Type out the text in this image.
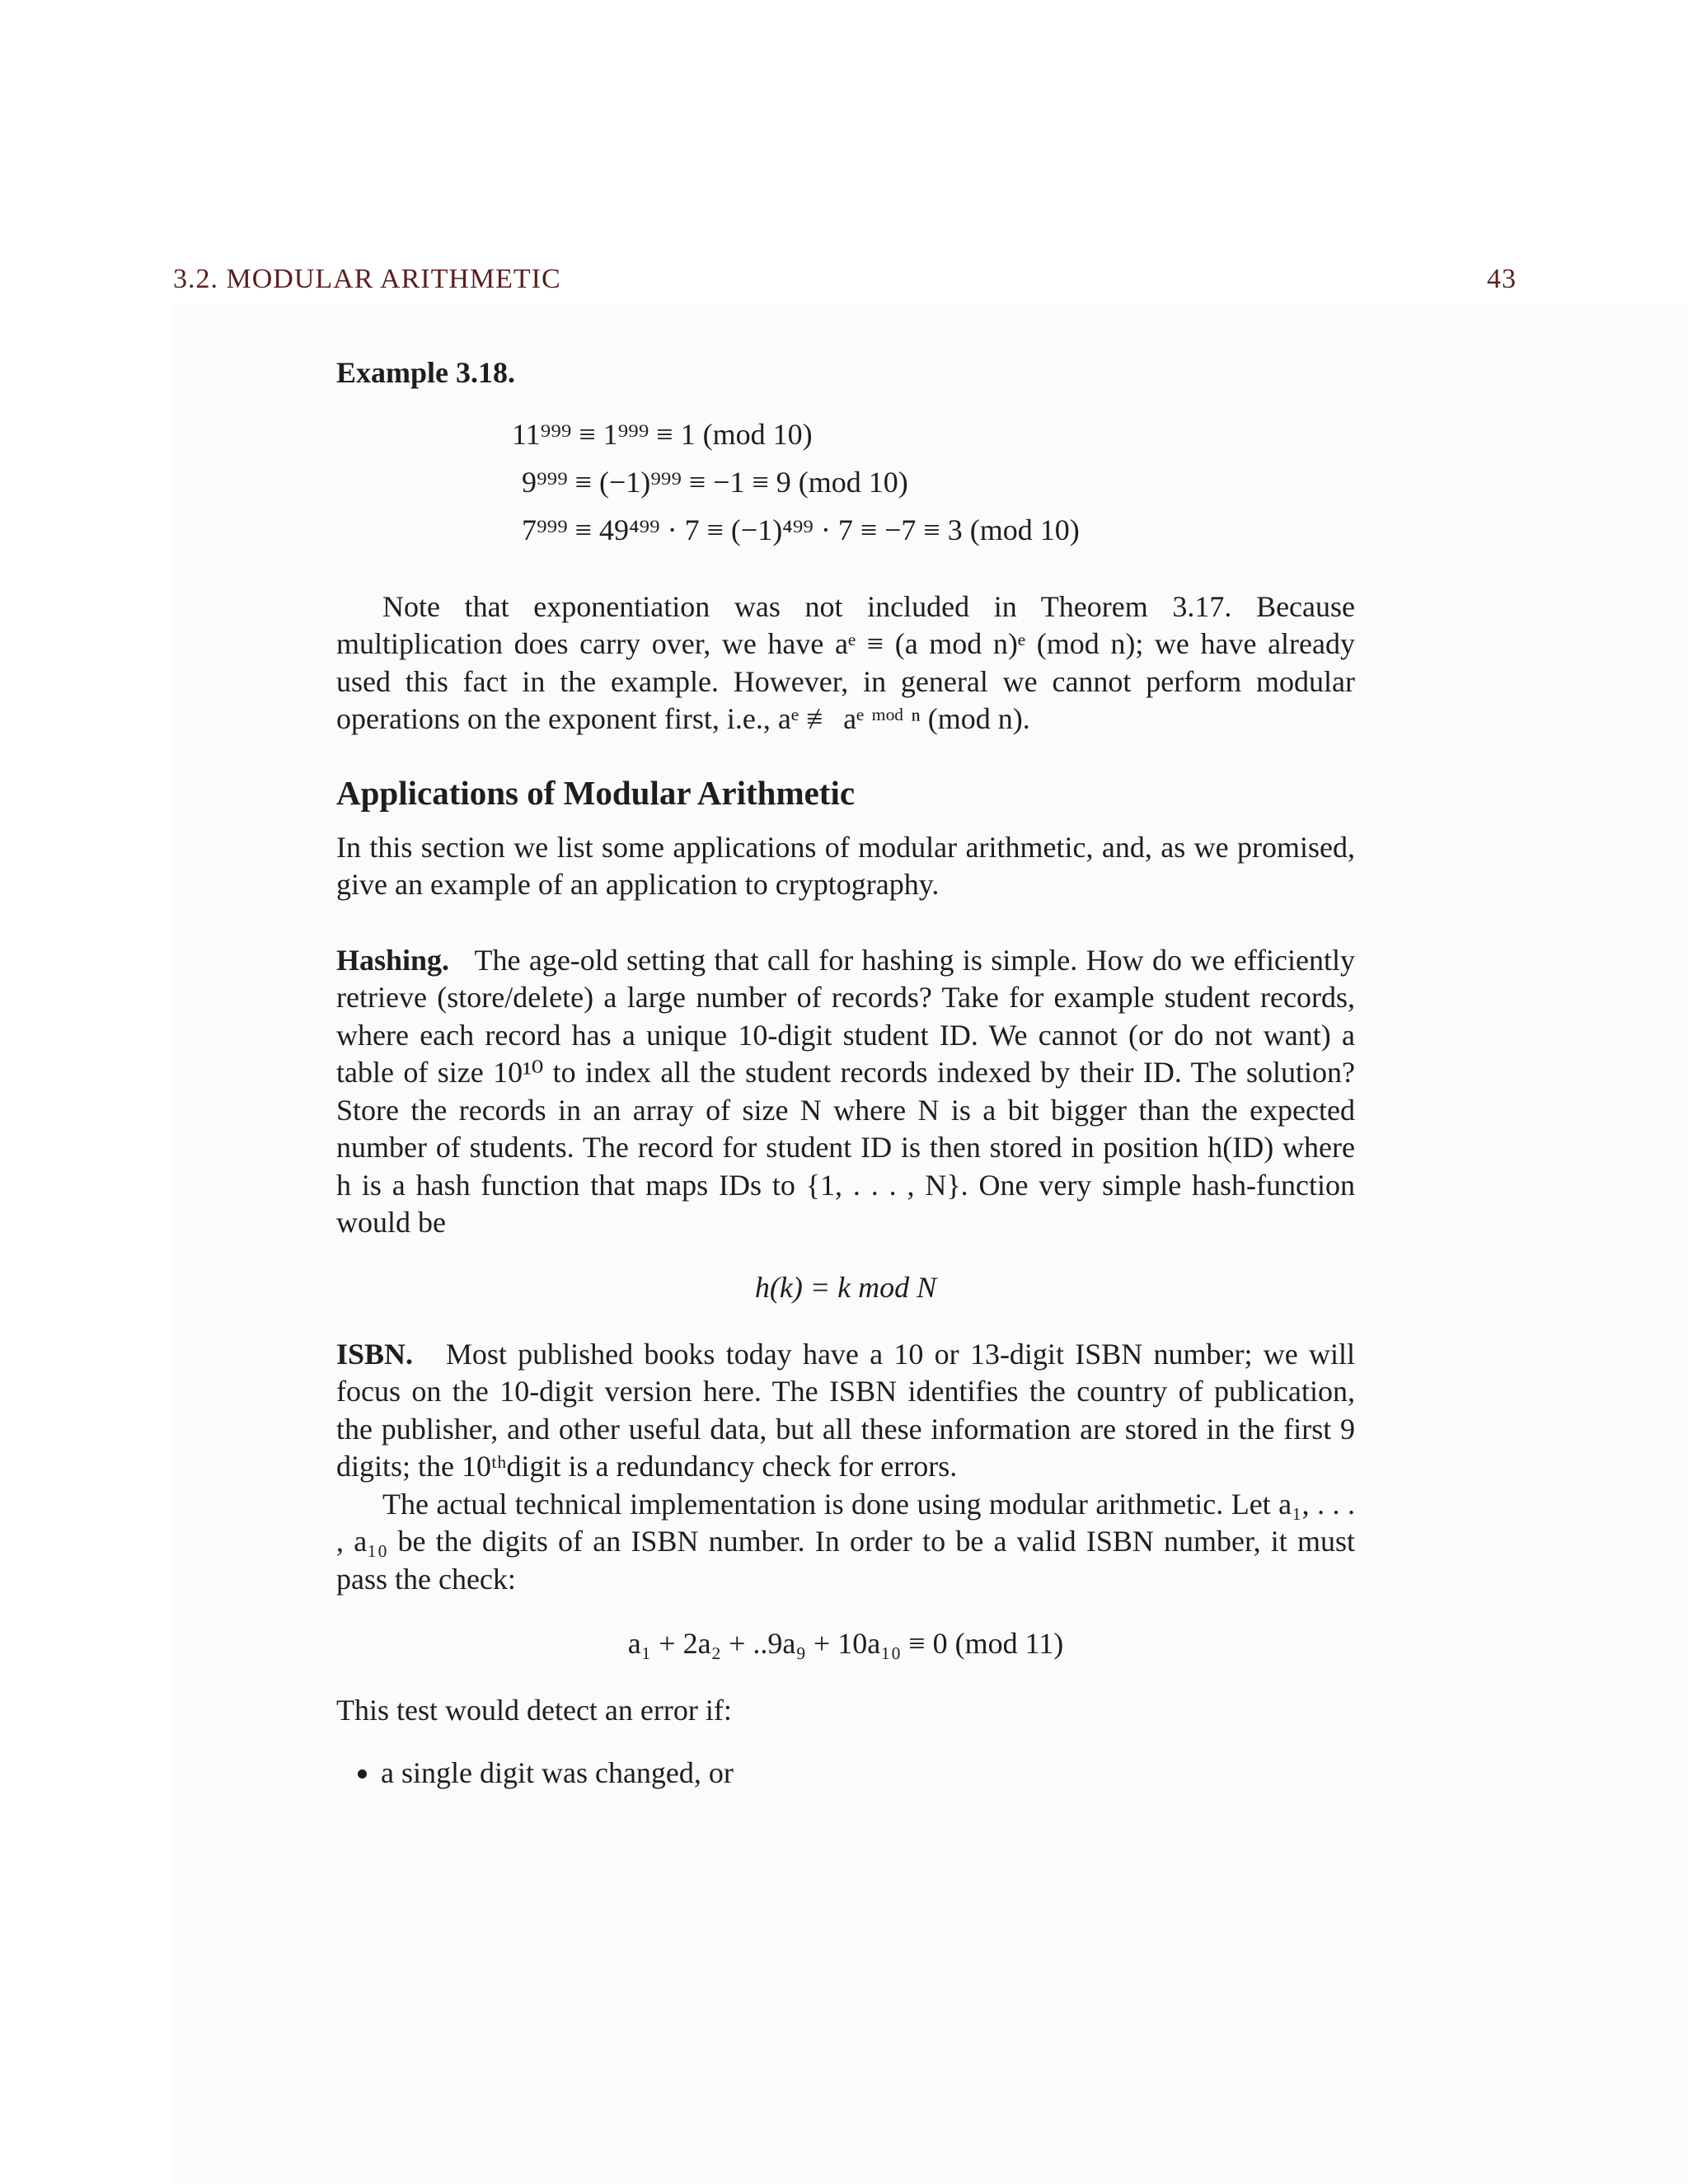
3.2. MODULAR ARITHMETIC	43
Example 3.18.
11⁹⁹⁹ ≡ 1⁹⁹⁹ ≡ 1 (mod 10)
9⁹⁹⁹ ≡ (−1)⁹⁹⁹ ≡ −1 ≡ 9 (mod 10)
7⁹⁹⁹ ≡ 49⁴⁹⁹ · 7 ≡ (−1)⁴⁹⁹ · 7 ≡ −7 ≡ 3 (mod 10)

Note that exponentiation was not included in Theorem 3.17. Because multiplication does carry over, we have aᵉ ≡ (a mod n)ᵉ (mod n); we have already used this fact in the example. However, in general we cannot perform modular operations on the exponent first, i.e., aᵉ ≢ aᵉ ᵐᵒᵈ ⁿ (mod n).

Applications of Modular Arithmetic

In this section we list some applications of modular arithmetic, and, as we promised, give an example of an application to cryptography.

Hashing. The age-old setting that call for hashing is simple. How do we efficiently retrieve (store/delete) a large number of records? Take for example student records, where each record has a unique 10-digit student ID. We cannot (or do not want) a table of size 10¹⁰ to index all the student records indexed by their ID. The solution? Store the records in an array of size N where N is a bit bigger than the expected number of students. The record for student ID is then stored in position h(ID) where h is a hash function that maps IDs to {1, . . . , N}. One very simple hash-function would be

h(k) = k mod N

ISBN. Most published books today have a 10 or 13-digit ISBN number; we will focus on the 10-digit version here. The ISBN identifies the country of publication, the publisher, and other useful data, but all these information are stored in the first 9 digits; the 10ᵗʰdigit is a redundancy check for errors.

The actual technical implementation is done using modular arithmetic. Let a₁, . . . , a₁₀ be the digits of an ISBN number. In order to be a valid ISBN number, it must pass the check:

a₁ + 2a₂ + ..9a₉ + 10a₁₀ ≡ 0 (mod 11)

This test would detect an error if:

• a single digit was changed, or
